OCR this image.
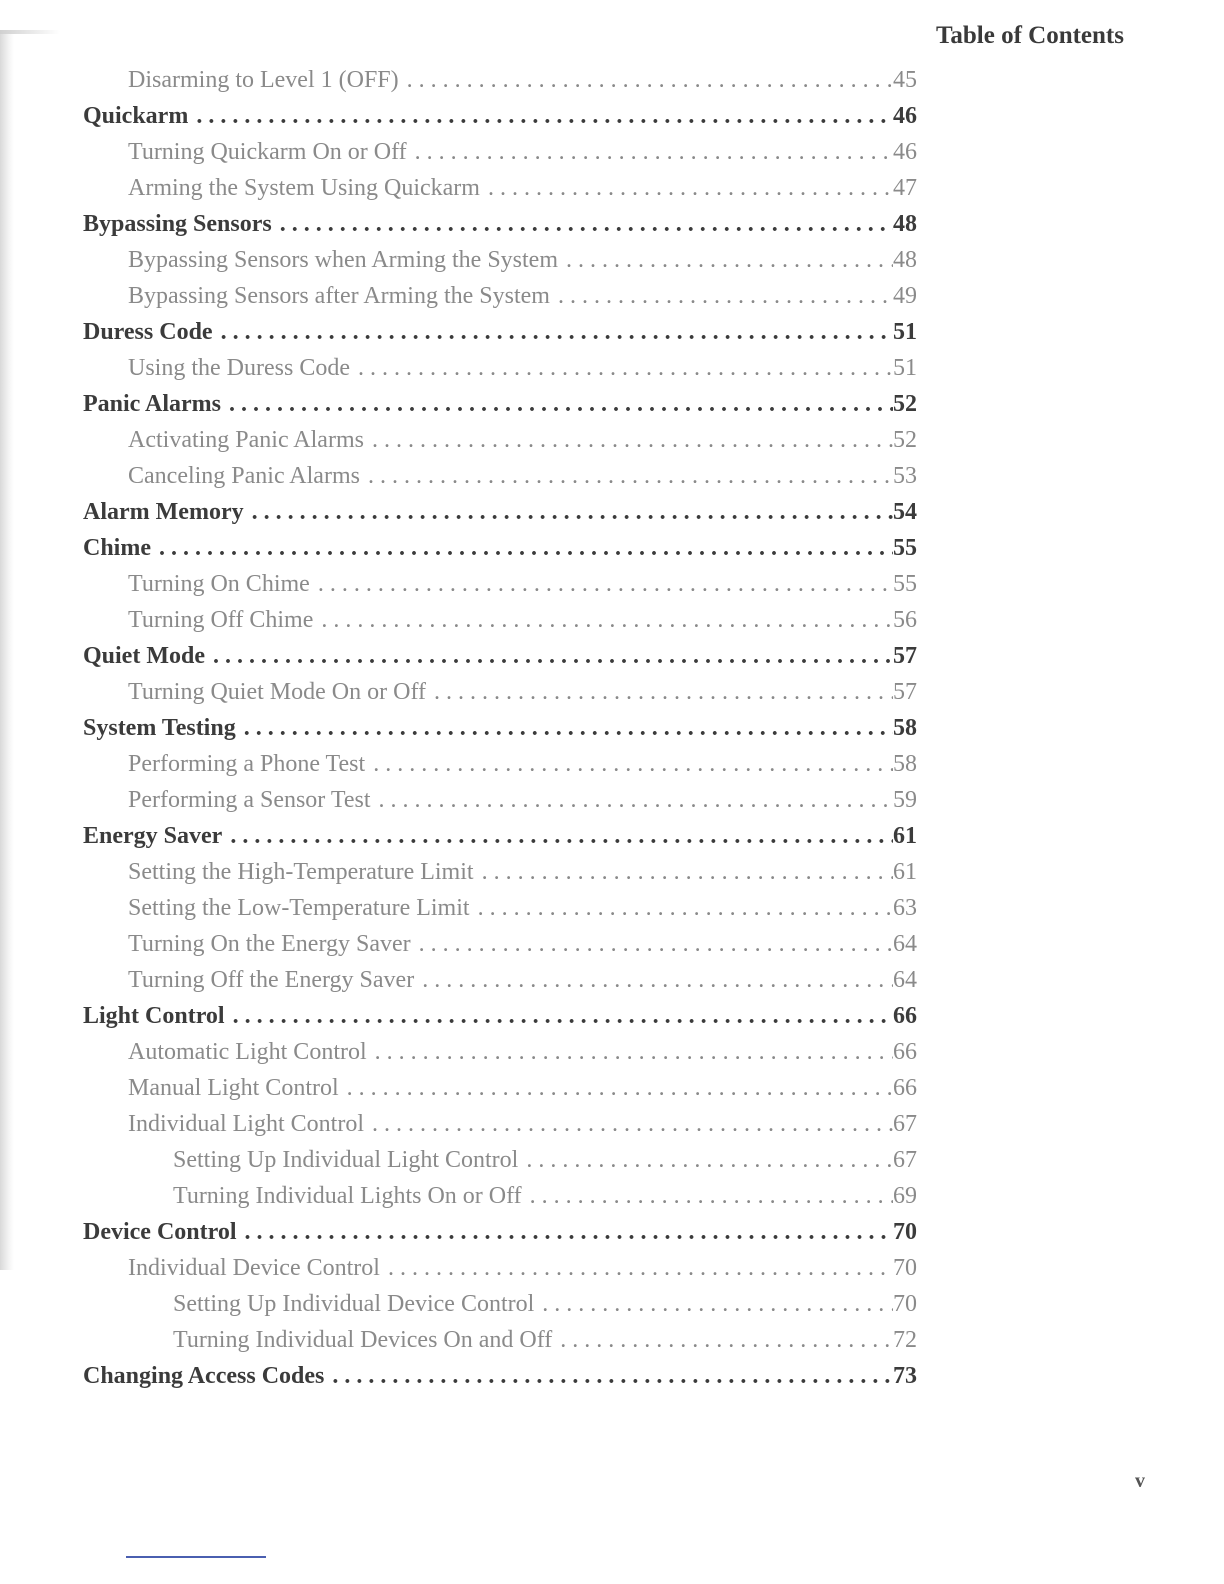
Table of Contents
Disarming to Level 1 (OFF) . . .	45
Quickarm . . .	46
Turning Quickarm On or Off . . .	46
Arming the System Using Quickarm . . .	47
Bypassing Sensors . . .	48
Bypassing Sensors when Arming the System . . .	48
Bypassing Sensors after Arming the System . . .	49
Duress Code . . .	51
Using the Duress Code . . .	51
Panic Alarms . . .	52
Activating Panic Alarms . . .	52
Canceling Panic Alarms . . .	53
Alarm Memory . . .	54
Chime . . .	55
Turning On Chime . . .	55
Turning Off Chime . . .	56
Quiet Mode . . .	57
Turning Quiet Mode On or Off . . .	57
System Testing . . .	58
Performing a Phone Test . . .	58
Performing a Sensor Test . . .	59
Energy Saver . . .	61
Setting the High-Temperature Limit . . .	61
Setting the Low-Temperature Limit . . .	63
Turning On the Energy Saver . . .	64
Turning Off the Energy Saver . . .	64
Light Control . . .	66
Automatic Light Control . . .	66
Manual Light Control . . .	66
Individual Light Control . . .	67
Setting Up Individual Light Control . . .	67
Turning Individual Lights On or Off . . .	69
Device Control . . .	70
Individual Device Control . . .	70
Setting Up Individual Device Control . . .	70
Turning Individual Devices On and Off . . .	72
Changing Access Codes . . .	73
v
